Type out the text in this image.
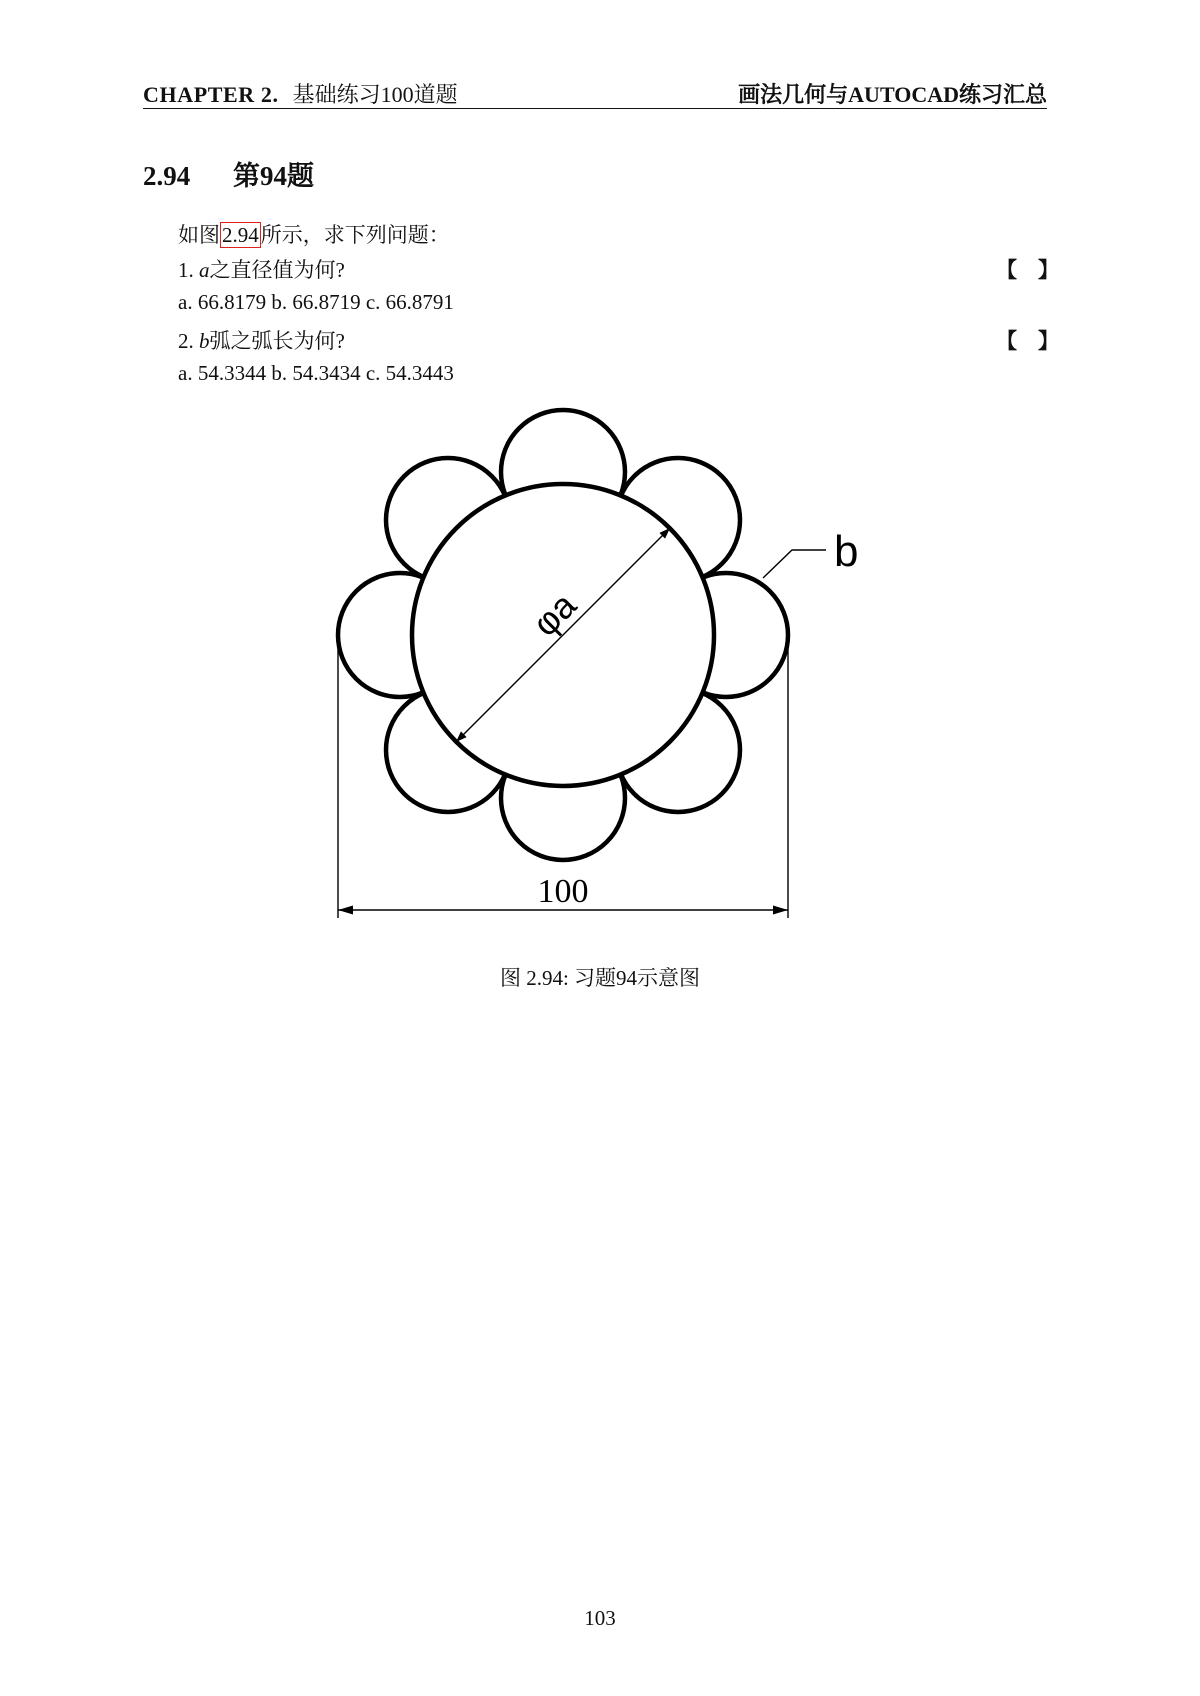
CHAPTER 2. 基础练习100道题	画法几何与AUTOCAD练习汇总
2.94 第94题
如图2.94所示，求下列问题：
1. a之直径值为何?	【　】
a. 66.8179 b. 66.8719 c. 66.8791
2. b弧之弧长为何?	【　】
a. 54.3344 b. 54.3434 c. 54.3443
φa
b
100
图 2.94: 习题94示意图
103
